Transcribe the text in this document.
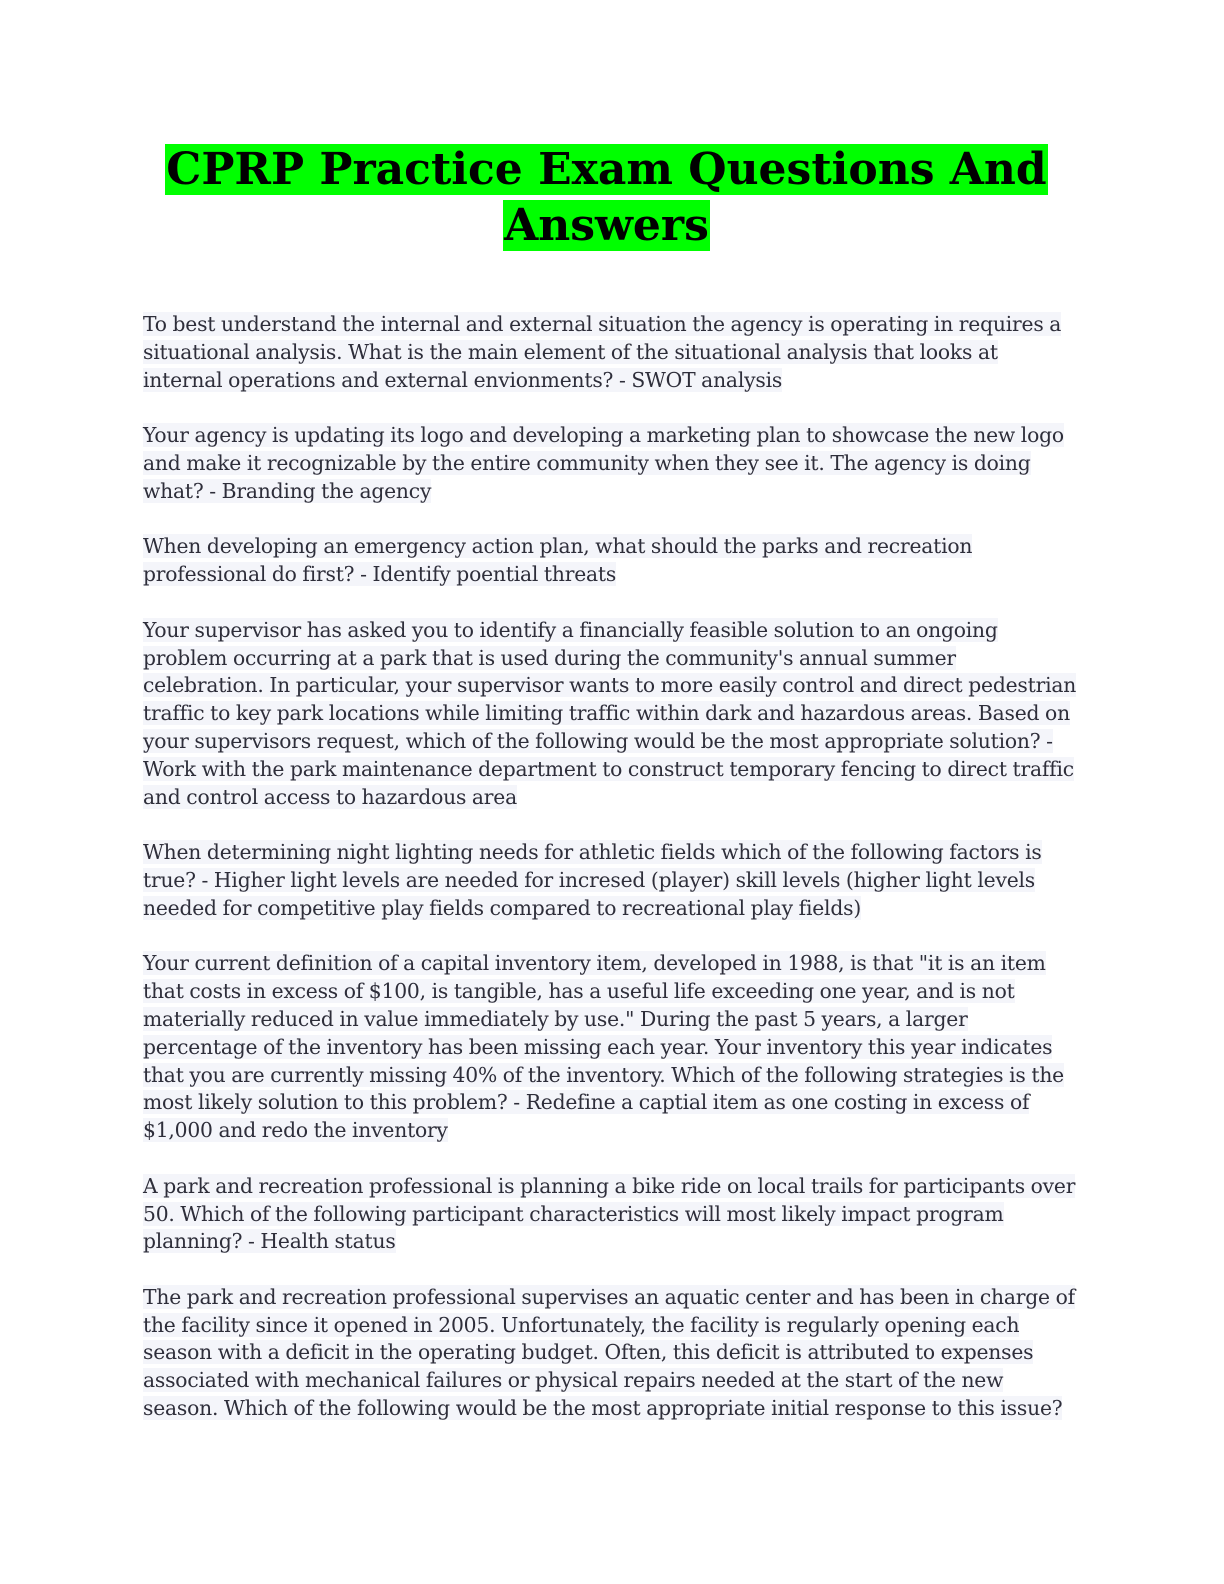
CPRP Practice Exam Questions And
Answers

To best understand the internal and external situation the agency is operating in requires a situational analysis. What is the main element of the situational analysis that looks at internal operations and external envionments? - SWOT analysis

Your agency is updating its logo and developing a marketing plan to showcase the new logo and make it recognizable by the entire community when they see it. The agency is doing what? - Branding the agency

When developing an emergency action plan, what should the parks and recreation professional do first? - Identify poential threats

Your supervisor has asked you to identify a financially feasible solution to an ongoing problem occurring at a park that is used during the community's annual summer celebration. In particular, your supervisor wants to more easily control and direct pedestrian traffic to key park locations while limiting traffic within dark and hazardous areas. Based on your supervisors request, which of the following would be the most appropriate solution? - Work with the park maintenance department to construct temporary fencing to direct traffic and control access to hazardous area

When determining night lighting needs for athletic fields which of the following factors is true? - Higher light levels are needed for incresed (player) skill levels (higher light levels needed for competitive play fields compared to recreational play fields)

Your current definition of a capital inventory item, developed in 1988, is that "it is an item that costs in excess of $100, is tangible, has a useful life exceeding one year, and is not materially reduced in value immediately by use." During the past 5 years, a larger percentage of the inventory has been missing each year. Your inventory this year indicates that you are currently missing 40% of the inventory. Which of the following strategies is the most likely solution to this problem? - Redefine a captial item as one costing in excess of $1,000 and redo the inventory

A park and recreation professional is planning a bike ride on local trails for participants over 50. Which of the following participant characteristics will most likely impact program planning? - Health status

The park and recreation professional supervises an aquatic center and has been in charge of the facility since it opened in 2005. Unfortunately, the facility is regularly opening each season with a deficit in the operating budget. Often, this deficit is attributed to expenses associated with mechanical failures or physical repairs needed at the start of the new season. Which of the following would be the most appropriate initial response to this issue?
